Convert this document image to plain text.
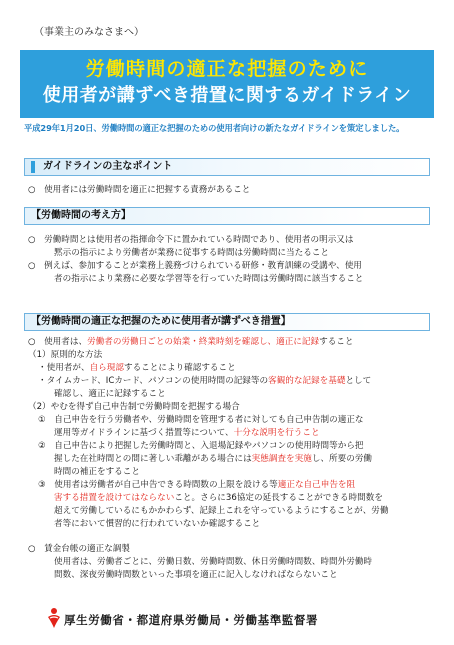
（事業主のみなさまへ）
労働時間の適正な把握のために
使用者が講ずべき措置に関するガイドライン
平成29年1月20日、労働時間の適正な把握のための使用者向けの新たなガイドラインを策定しました。
ガイドラインの主なポイント

○　使用者には労働時間を適正に把握する責務があること

【労働時間の考え方】

○　労働時間とは使用者の指揮命令下に置かれている時間であり、使用者の明示又は

黙示の指示により労働者が業務に従事する時間は労働時間に当たること

○　例えば、参加することが業務上義務づけられている研修・教育訓練の受講や、使用

者の指示により業務に必要な学習等を行っていた時間は労働時間に該当すること

【労働時間の適正な把握のために使用者が講ずべき措置】

○　使用者は、労働者の労働日ごとの始業・終業時刻を確認し、適正に記録すること

（1）原則的な方法

・使用者が、自ら現認することにより確認すること

・タイムカード、ICカード、パソコンの使用時間の記録等の客観的な記録を基礎として

確認し、適正に記録すること

（2）やむを得ず自己申告制で労働時間を把握する場合

①　自己申告を行う労働者や、労働時間を管理する者に対しても自己申告制の適正な

運用等ガイドラインに基づく措置等について、十分な説明を行うこと

②　自己申告により把握した労働時間と、入退場記録やパソコンの使用時間等から把

握した在社時間との間に著しい乖離がある場合には実態調査を実施し、所要の労働

時間の補正をすること

③　使用者は労働者が自己申告できる時間数の上限を設ける等適正な自己申告を阻

害する措置を設けてはならないこと。さらに36協定の延長することができる時間数を

超えて労働しているにもかかわらず、記録上これを守っているようにすることが、労働

者等において慣習的に行われていないか確認すること

○　賃金台帳の適正な調製

使用者は、労働者ごとに、労働日数、労働時間数、休日労働時間数、時間外労働時

間数、深夜労働時間数といった事項を適正に記入しなければならないこと

厚生労働省・都道府県労働局・労働基準監督署
